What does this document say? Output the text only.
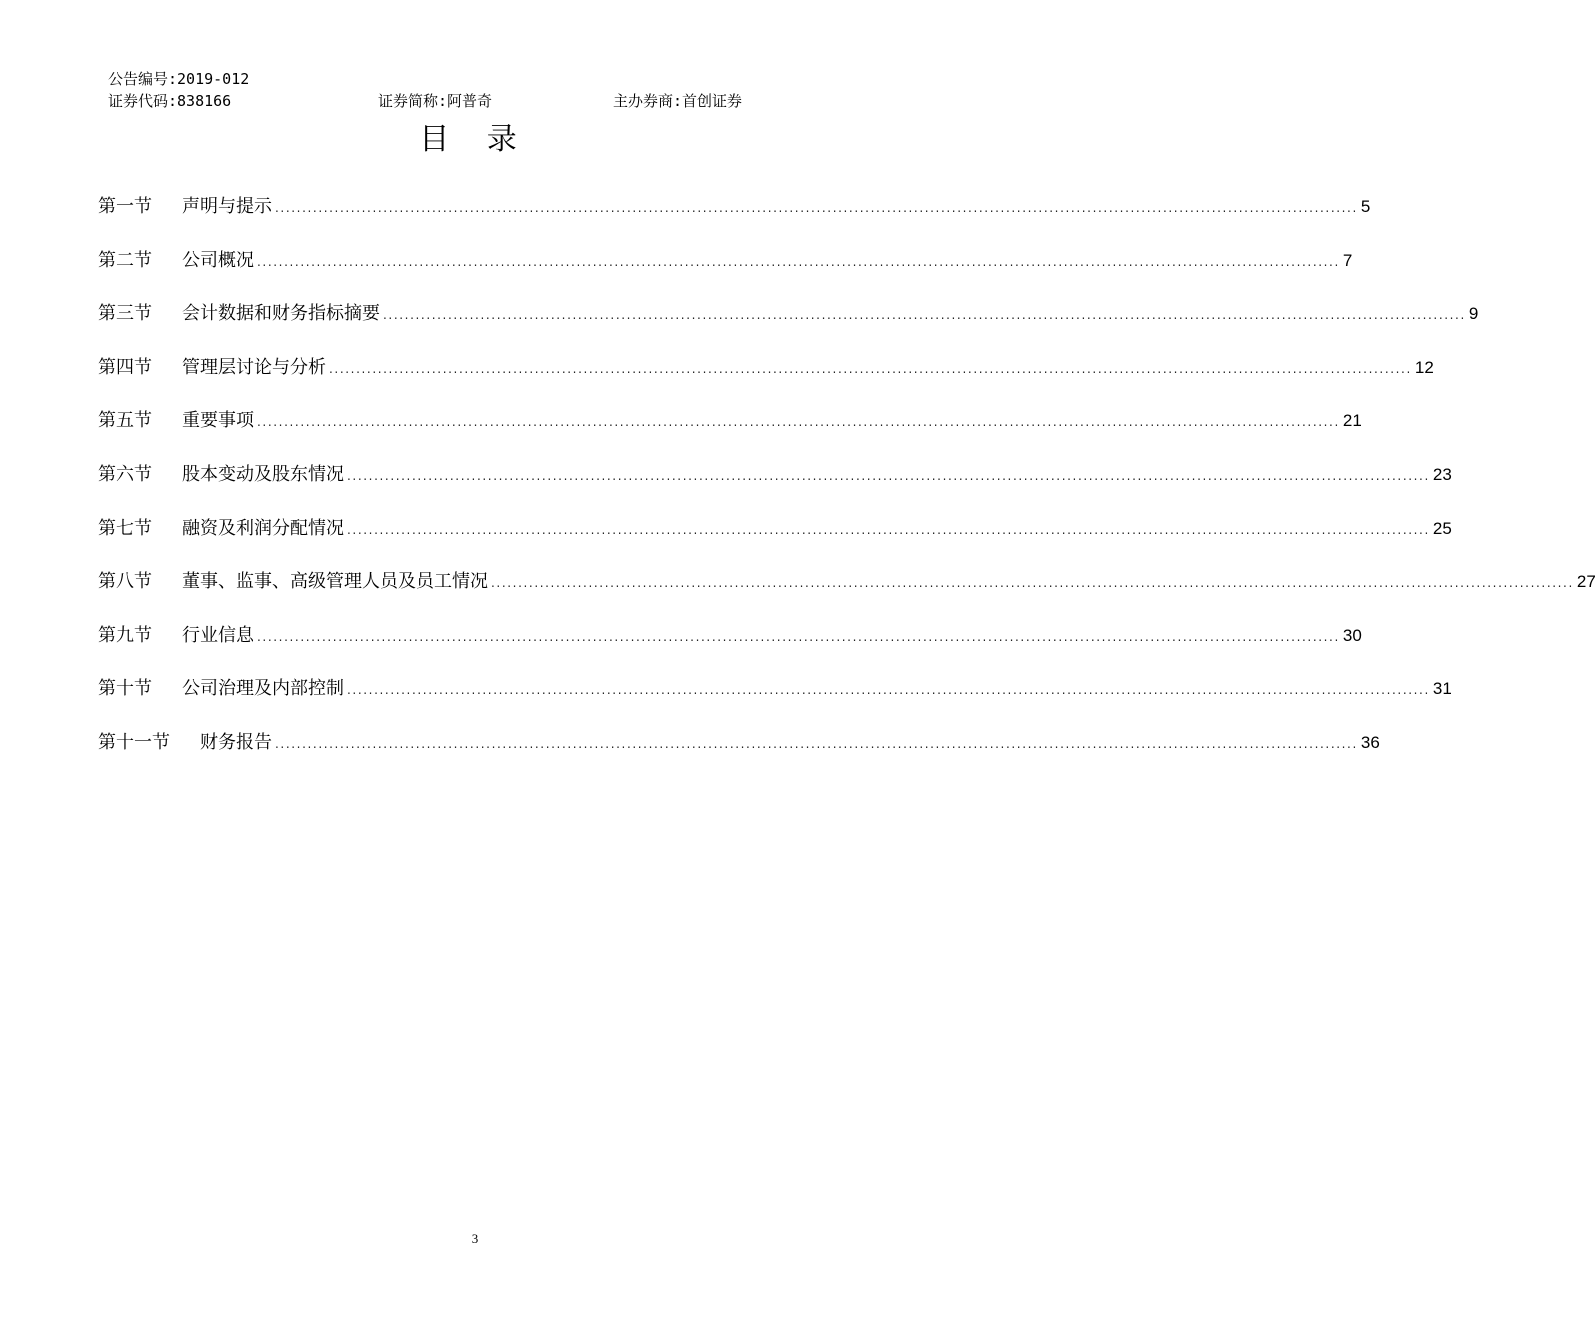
公告编号:2019-012
证券代码:838166	证券简称:阿普奇	主办券商:首创证券
目 录
第一节	声明与提示 ........................................................................................................................................................................................................ 5
第二节	公司概况 ........................................................................................................................................................................................................ 7
第三节	会计数据和财务指标摘要 ........................................................................................................................................................................................................ 9
第四节	管理层讨论与分析 ........................................................................................................................................................................................................ 12
第五节	重要事项 ........................................................................................................................................................................................................ 21
第六节	股本变动及股东情况 ........................................................................................................................................................................................................ 23
第七节	融资及利润分配情况 ........................................................................................................................................................................................................ 25
第八节	董事、监事、高级管理人员及员工情况 ........................................................................................................................................................................................................ 27
第九节	行业信息 ........................................................................................................................................................................................................ 30
第十节	公司治理及内部控制 ........................................................................................................................................................................................................ 31
第十一节	财务报告 ........................................................................................................................................................................................................ 36
3
